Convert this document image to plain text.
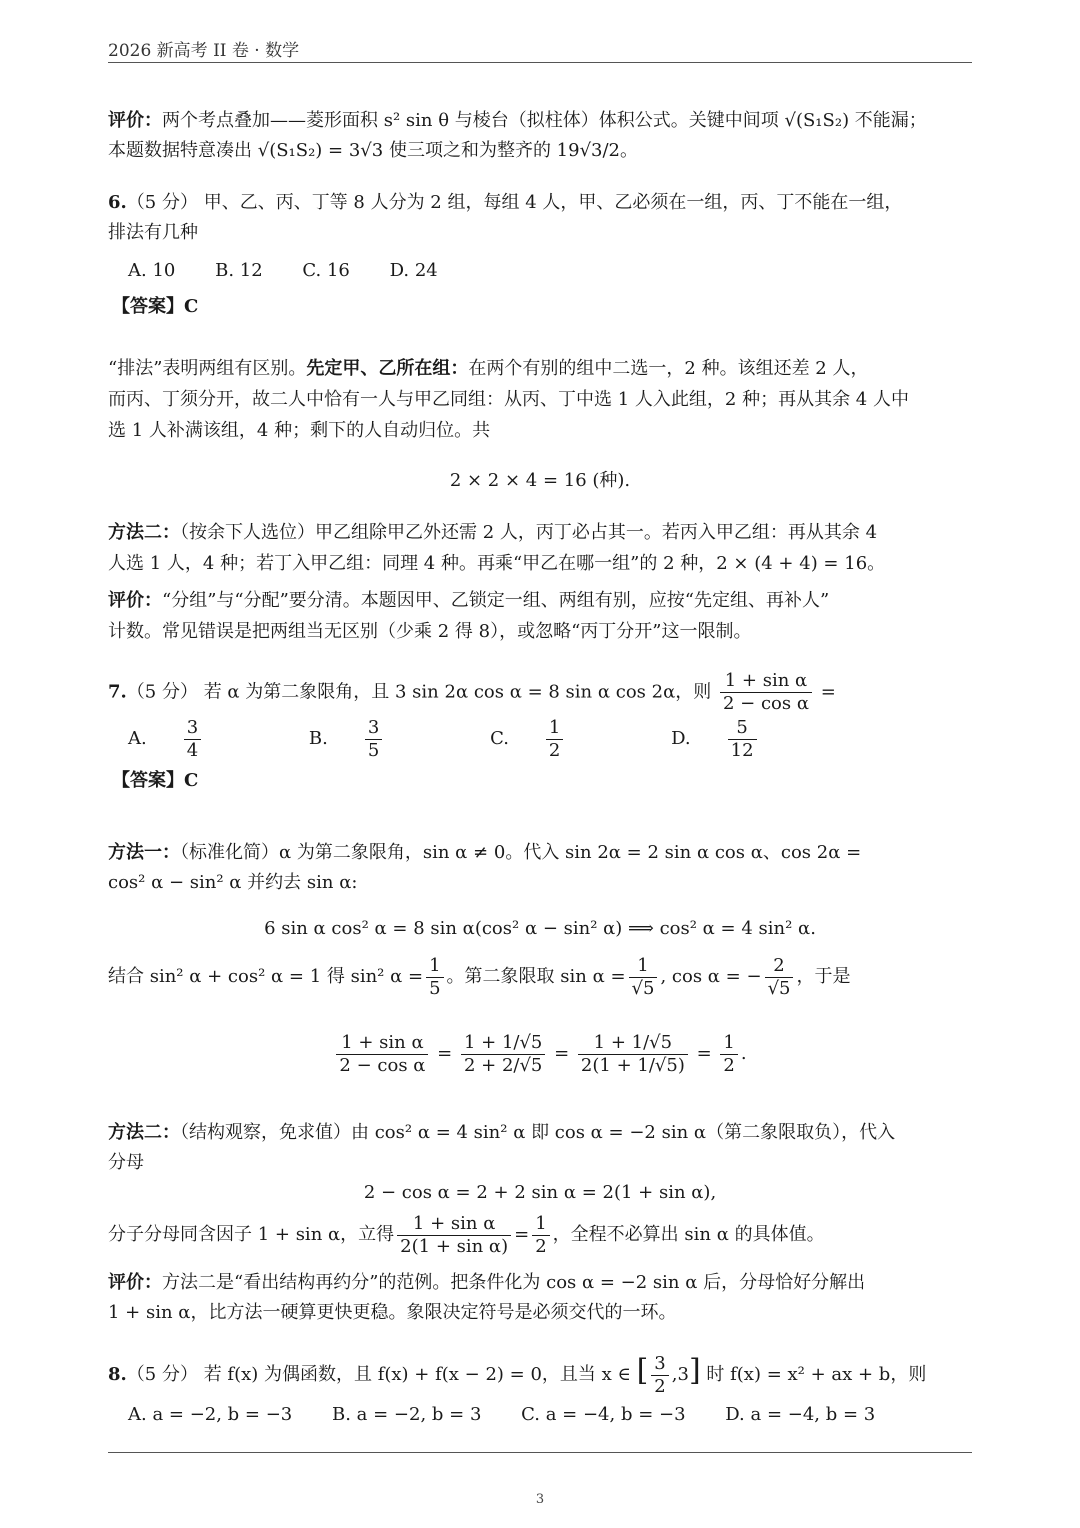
2026 新高考 II 卷 · 数学
评价：两个考点叠加——菱形面积 s² sin θ 与棱台（拟柱体）体积公式。关键中间项 √(S₁S₂) 不能漏；
本题数据特意凑出 √(S₁S₂) = 3√3 使三项之和为整齐的 19√3/2。
6.（5 分） 甲、乙、丙、丁等 8 人分为 2 组，每组 4 人，甲、乙必须在一组，丙、丁不能在一组，
排法有几种
A. 10 B. 12 C. 16 D. 24
【答案】C
“排法”表明两组有区别。先定甲、乙所在组：在两个有别的组中二选一，2 种。该组还差 2 人，
而丙、丁须分开，故二人中恰有一人与甲乙同组：从丙、丁中选 1 人入此组，2 种；再从其余 4 人中
选 1 人补满该组，4 种；剩下的人自动归位。共
2 × 2 × 4 = 16 (种).
方法二：（按余下人选位）甲乙组除甲乙外还需 2 人，丙丁必占其一。若丙入甲乙组：再从其余 4
人选 1 人，4 种；若丁入甲乙组：同理 4 种。再乘“甲乙在哪一组”的 2 种，2 × (4 + 4) = 16。
评价：“分组”与“分配”要分清。本题因甲、乙锁定一组、两组有别，应按“先定组、再补人”
计数。常见错误是把两组当无区别（少乘 2 得 8），或忽略“丙丁分开”这一限制。
7.（5 分） 若 α 为第二象限角，且 3 sin 2α cos α = 8 sin α cos 2α，则 $\frac{\text{1 + sin α}}{\text{2 − cos α}}$ =
A. $\frac{3}{4}$	B. $\frac{3}{5}$	C. $\frac{1}{2}$	D. $\frac{5}{12}$
【答案】C
方法一：（标准化简）α 为第二象限角，sin α ≠ 0。代入 sin 2α = 2 sin α cos α、cos 2α =
cos² α − sin² α 并约去 sin α:
6 sin α cos² α = 8 sin α(cos² α − sin² α) ⟹ cos² α = 4 sin² α.
结合 sin² α + cos² α = 1 得 sin² $\alpha = \frac{1}{5}$ 。第二象限取 $\sin \alpha = \frac{1}{√5}$ , cos α = − $\frac{2}{√5}$ ，于是
$\frac{\text{1 + sin α}}{\text{2 − cos α}} = \frac{1 + 1/√5}{2 + 2/√5} = \frac{1 + 1/√5}{2(1 + 1/√5)} = \frac{1}{2}$ .
方法二：（结构观察，免求值）由 cos² α = 4 sin² α 即 cos α = −2 sin α（第二象限取负），代入
分母
2 − cos α = 2 + 2 sin α = 2(1 + sin α),
分子分母同含因子 1 + sin α，立得 $\frac{\text{1 + sin α}}{\text{2(1 + sin α)}} = \frac{1}{2}$ ，全程不必算出 sin α 的具体值。
评价：方法二是“看出结构再约分”的范例。把条件化为 cos α = −2 sin α 后，分母恰好分解出
1 + sin α，比方法一硬算更快更稳。象限决定符号是必须交代的一环。
8.（5 分） 若 f(x) 为偶函数，且 f(x) + f(x − 2) = 0，且当 x ∈ [ $\frac{3}{2} ,3$] 时 f(x) = x² + ax + b，则
A. a = −2, b = −3 B. a = −2, b = 3 C. a = −4, b = −3 D. a = −4, b = 3
3
